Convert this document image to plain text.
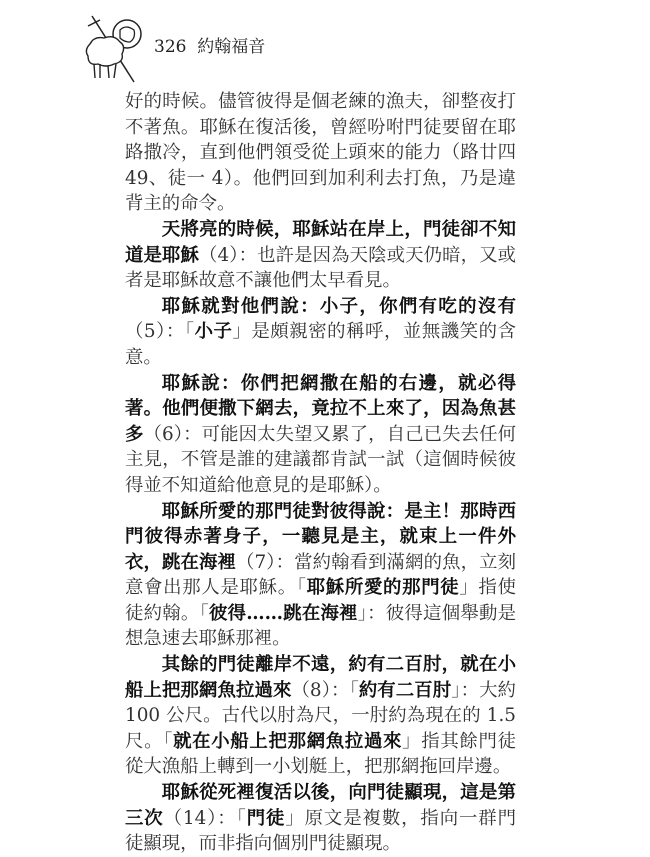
326 約翰福音

好的時候。儘管彼得是個老練的漁夫，卻整夜打不著魚。耶穌在復活後，曾經吩咐門徒要留在耶路撒冷，直到他們領受從上頭來的能力（路廿四 49、徒一 4）。他們回到加利利去打魚，乃是違背主的命令。

天將亮的時候，耶穌站在岸上，門徒卻不知道是耶穌（4）：也許是因為天陰或天仍暗，又或者是耶穌故意不讓他們太早看見。

耶穌就對他們說：小子，你們有吃的沒有（5）：「小子」是頗親密的稱呼，並無譏笑的含意。

耶穌說：你們把網撒在船的右邊，就必得著。他們便撒下網去，竟拉不上來了，因為魚甚多（6）：可能因太失望又累了，自己已失去任何主見，不管是誰的建議都肯試一試（這個時候彼得並不知道給他意見的是耶穌）。

耶穌所愛的那門徒對彼得說：是主！那時西門彼得赤著身子，一聽見是主，就束上一件外衣，跳在海裡（7）：當約翰看到滿網的魚，立刻意會出那人是耶穌。「耶穌所愛的那門徒」指使徒約翰。「彼得……跳在海裡」：彼得這個舉動是想急速去耶穌那裡。

其餘的門徒離岸不遠，約有二百肘，就在小船上把那網魚拉過來（8）：「約有二百肘」：大約 100 公尺。古代以肘為尺，一肘約為現在的 1.5 尺。「就在小船上把那網魚拉過來」指其餘門徒從大漁船上轉到一小划艇上，把那網拖回岸邊。

耶穌從死裡復活以後，向門徒顯現，這是第三次（14）：「門徒」原文是複數，指向一群門徒顯現，而非指向個別門徒顯現。
